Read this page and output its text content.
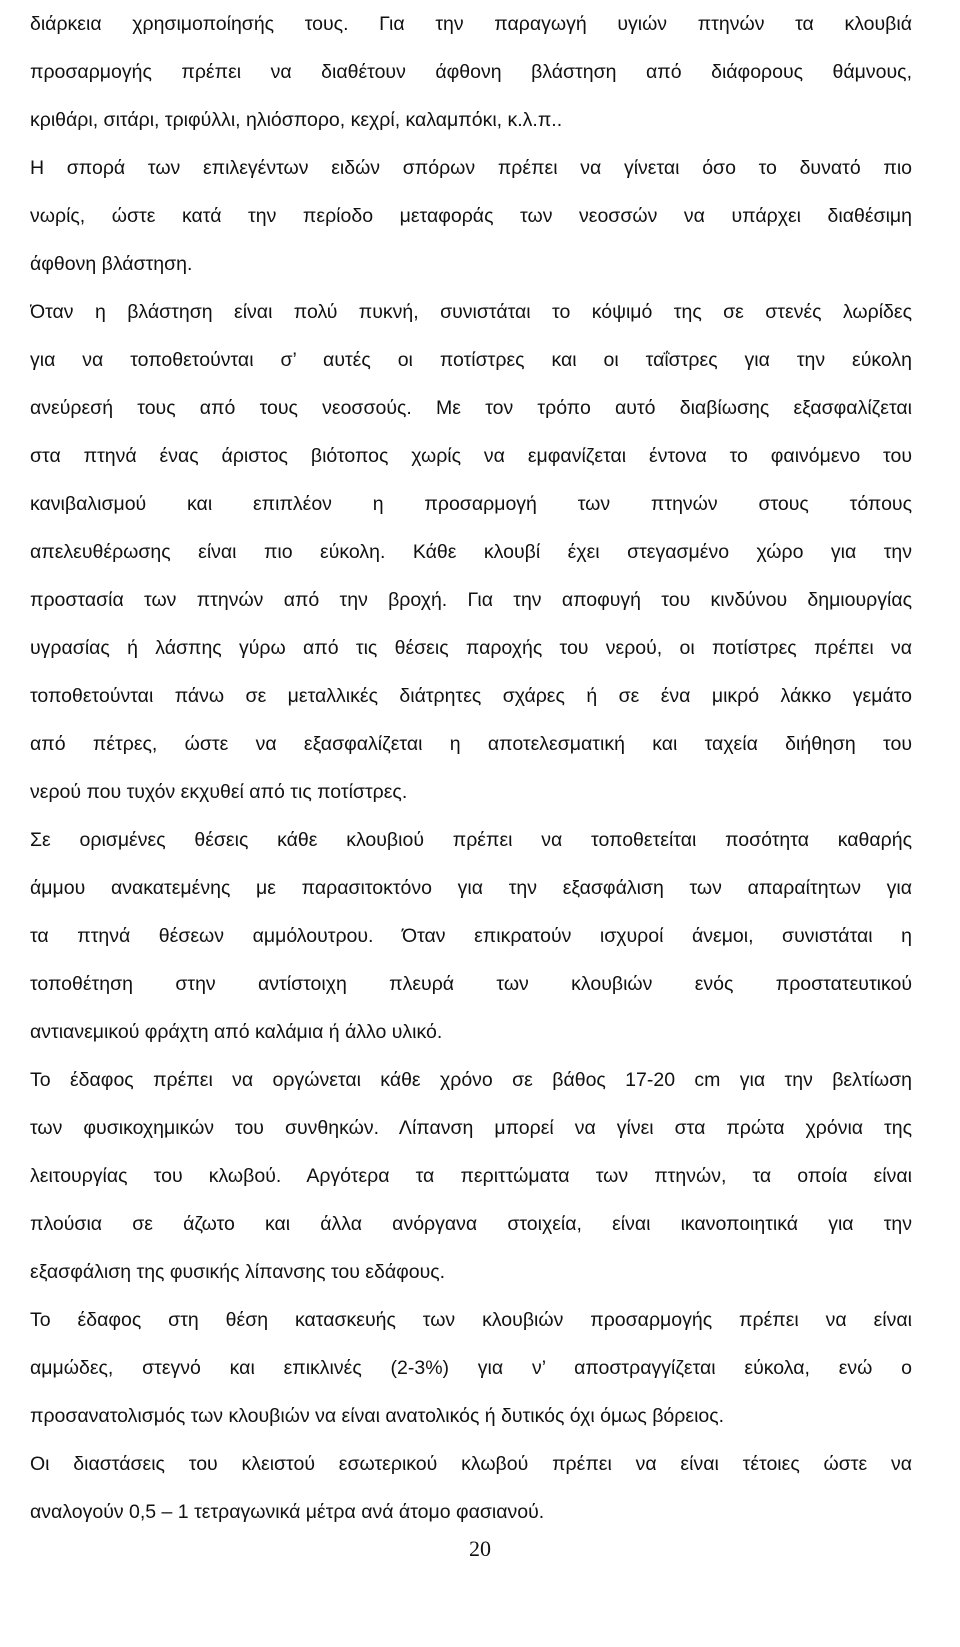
διάρκεια χρησιμοποίησής τους. Για την παραγωγή υγιών πτηνών τα κλουβιά
προσαρμογής πρέπει να διαθέτουν άφθονη βλάστηση από διάφορους θάμνους,
κριθάρι, σιτάρι, τριφύλλι, ηλιόσπορο, κεχρί, καλαμπόκι, κ.λ.π..
Η σπορά των επιλεγέντων ειδών σπόρων πρέπει να γίνεται όσο το δυνατό πιο
νωρίς, ώστε κατά την περίοδο μεταφοράς των νεοσσών να υπάρχει διαθέσιμη
άφθονη βλάστηση.
Όταν η βλάστηση είναι πολύ πυκνή, συνιστάται το κόψιμό της σε στενές λωρίδες
για να τοποθετούνται σ’ αυτές οι ποτίστρες και οι ταΐστρες για την εύκολη
ανεύρεσή τους από τους νεοσσούς. Με τον τρόπο αυτό διαβίωσης εξασφαλίζεται
στα πτηνά ένας άριστος βιότοπος χωρίς να εμφανίζεται έντονα το φαινόμενο του
κανιβαλισμού και επιπλέον η προσαρμογή των πτηνών στους τόπους
απελευθέρωσης είναι πιο εύκολη. Κάθε κλουβί έχει στεγασμένο χώρο για την
προστασία των πτηνών από την βροχή. Για την αποφυγή του κινδύνου δημιουργίας
υγρασίας ή λάσπης γύρω από τις θέσεις παροχής του νερού, οι ποτίστρες πρέπει να
τοποθετούνται πάνω σε μεταλλικές διάτρητες σχάρες ή σε ένα μικρό λάκκο γεμάτο
από πέτρες, ώστε να εξασφαλίζεται η αποτελεσματική και ταχεία διήθηση του
νερού που τυχόν εκχυθεί από τις ποτίστρες.
Σε ορισμένες θέσεις κάθε κλουβιού πρέπει να τοποθετείται ποσότητα καθαρής
άμμου ανακατεμένης με παρασιτοκτόνο για την εξασφάλιση των απαραίτητων για
τα πτηνά θέσεων αμμόλουτρου. Όταν επικρατούν ισχυροί άνεμοι, συνιστάται η
τοποθέτηση στην αντίστοιχη πλευρά των κλουβιών ενός προστατευτικού
αντιανεμικού φράχτη από καλάμια ή άλλο υλικό.
Το έδαφος πρέπει να οργώνεται κάθε χρόνο σε βάθος 17-20 cm για την βελτίωση
των φυσικοχημικών του συνθηκών. Λίπανση μπορεί να γίνει στα πρώτα χρόνια της
λειτουργίας του κλωβού. Αργότερα τα περιττώματα των πτηνών, τα οποία είναι
πλούσια σε άζωτο και άλλα ανόργανα στοιχεία, είναι ικανοποιητικά για την
εξασφάλιση της φυσικής λίπανσης του εδάφους.
Το έδαφος στη θέση κατασκευής των κλουβιών προσαρμογής πρέπει να είναι
αμμώδες, στεγνό και επικλινές (2-3%) για ν’ αποστραγγίζεται εύκολα, ενώ ο
προσανατολισμός των κλουβιών να είναι ανατολικός ή δυτικός όχι όμως βόρειος.
Οι διαστάσεις του κλειστού εσωτερικού κλωβού πρέπει να είναι τέτοιες ώστε να
αναλογούν 0,5 – 1 τετραγωνικά μέτρα ανά άτομο φασιανού.
20
